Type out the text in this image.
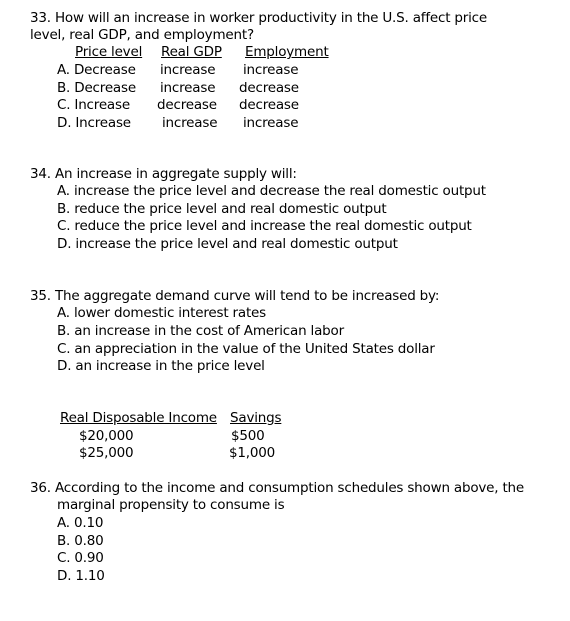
33. How will an increase in worker productivity in the U.S. affect price
level, real GDP, and employment?
Price level Real GDP Employment
A. Decrease increase increase
B. Decrease increase decrease
C. Increase decrease decrease
D. Increase increase increase
34. An increase in aggregate supply will:
A. increase the price level and decrease the real domestic output
B. reduce the price level and real domestic output
C. reduce the price level and increase the real domestic output
D. increase the price level and real domestic output
35. The aggregate demand curve will tend to be increased by:
A. lower domestic interest rates
B. an increase in the cost of American labor
C. an appreciation in the value of the United States dollar
D. an increase in the price level
Real Disposable Income Savings
$20,000	$500
$25,000	$1,000
36. According to the income and consumption schedules shown above, the
marginal propensity to consume is
A. 0.10
B. 0.80
C. 0.90
D. 1.10
